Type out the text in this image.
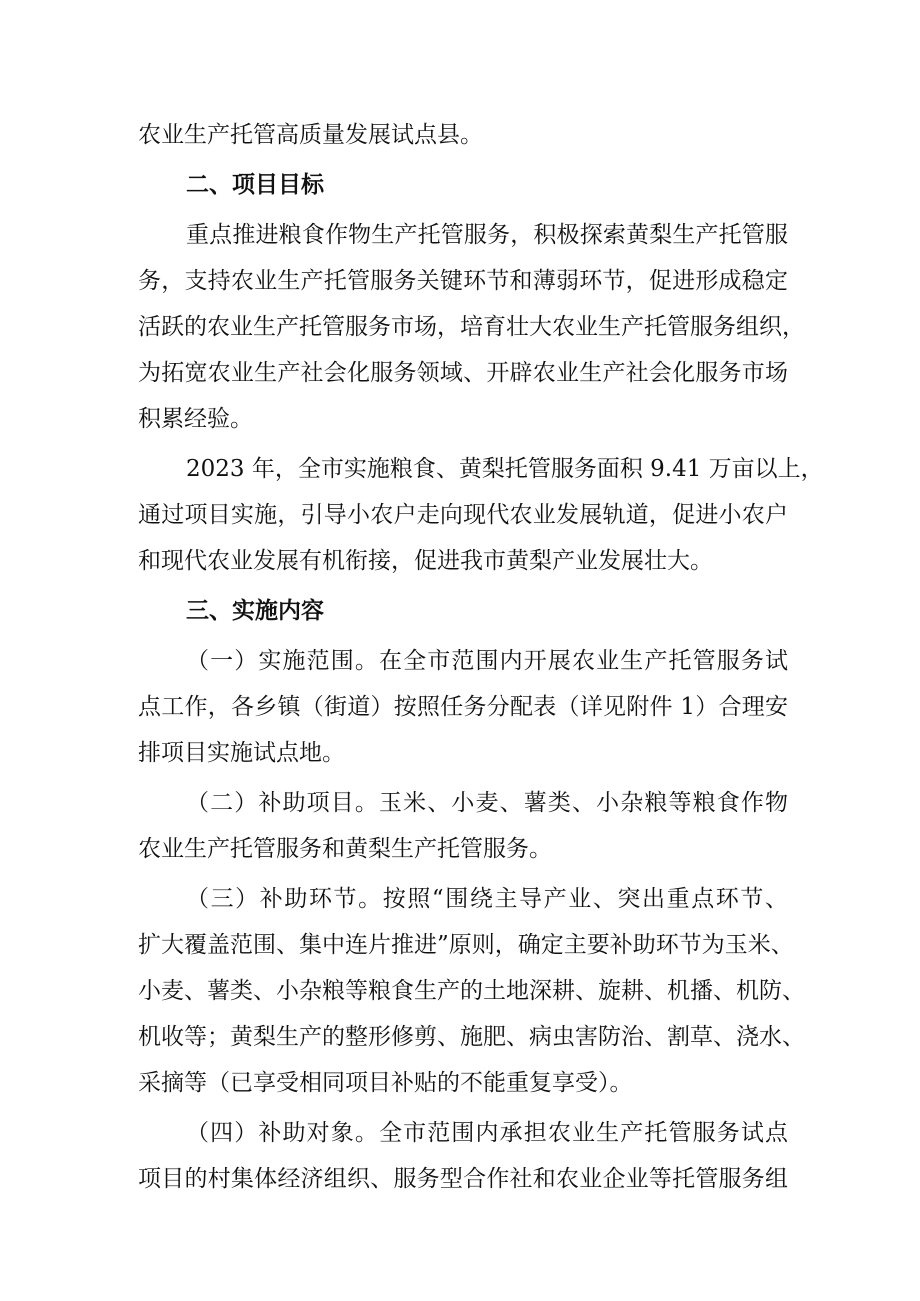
农业生产托管高质量发展试点县。
二、项目目标
重点推进粮食作物生产托管服务，积极探索黄梨生产托管服
务，支持农业生产托管服务关键环节和薄弱环节，促进形成稳定
活跃的农业生产托管服务市场，培育壮大农业生产托管服务组织，
为拓宽农业生产社会化服务领域、开辟农业生产社会化服务市场
积累经验。
2023 年，全市实施粮食、黄梨托管服务面积 9.41 万亩以上，
通过项目实施，引导小农户走向现代农业发展轨道，促进小农户
和现代农业发展有机衔接，促进我市黄梨产业发展壮大。
三、实施内容
（一）实施范围。在全市范围内开展农业生产托管服务试
点工作，各乡镇（街道）按照任务分配表（详见附件 1）合理安
排项目实施试点地。
（二）补助项目。玉米、小麦、薯类、小杂粮等粮食作物
农业生产托管服务和黄梨生产托管服务。
（三）补助环节。按照“围绕主导产业、突出重点环节、
扩大覆盖范围、集中连片推进”原则，确定主要补助环节为玉米、
小麦、薯类、小杂粮等粮食生产的土地深耕、旋耕、机播、机防、
机收等；黄梨生产的整形修剪、施肥、病虫害防治、割草、浇水、
采摘等（已享受相同项目补贴的不能重复享受）。
（四）补助对象。全市范围内承担农业生产托管服务试点
项目的村集体经济组织、服务型合作社和农业企业等托管服务组
